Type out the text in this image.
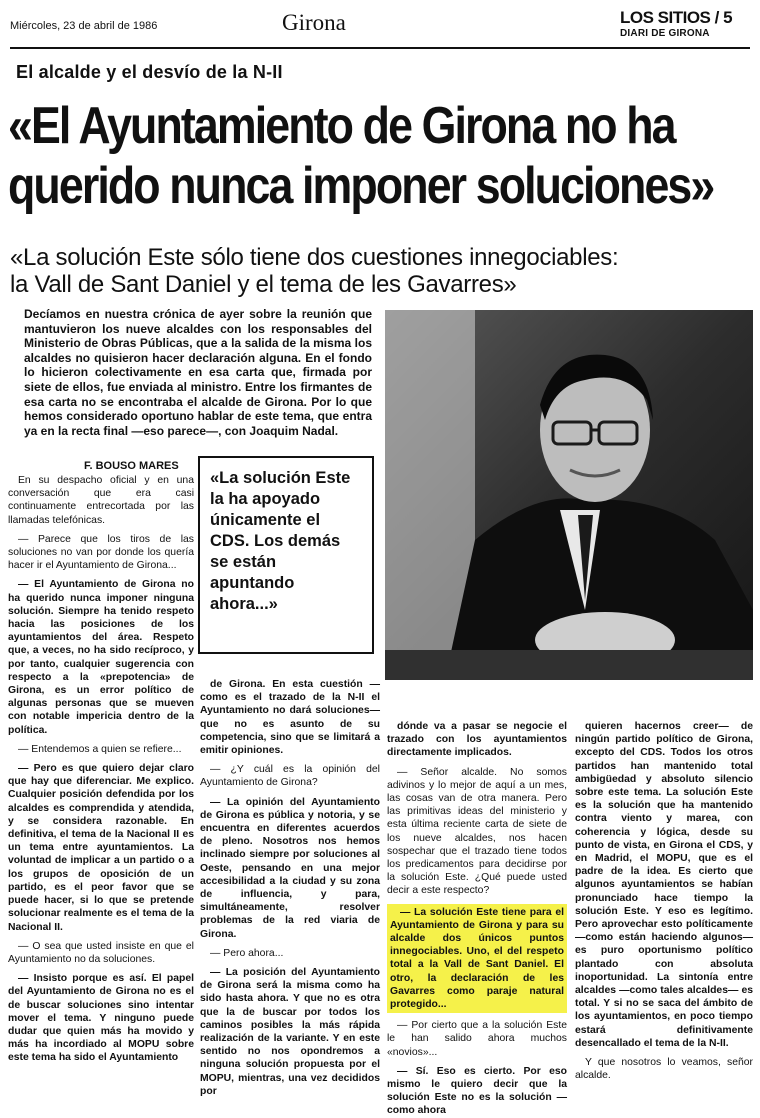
Miércoles, 23 de abril de 1986	Girona	LOS SITIOS / 5
DIARI DE GIRONA
El alcalde y el desvío de la N-II
«El Ayuntamiento de Girona no ha
querido nunca imponer soluciones»
«La solución Este sólo tiene dos cuestiones innegociables:
la Vall de Sant Daniel y el tema de les Gavarres»

Decíamos en nuestra crónica de ayer sobre la reunión que mantuvieron los nueve alcaldes con los responsables del Ministerio de Obras Públicas, que a la salida de la misma los alcaldes no quisieron hacer declaración alguna. En el fondo lo hicieron colectivamente en esa carta que, firmada por siete de ellos, fue enviada al ministro. Entre los firmantes de esa carta no se encontraba el alcalde de Girona. Por lo que hemos considerado oportuno hablar de este tema, que entra ya en la recta final —eso parece—, con Joaquim Nadal.

F. BOUSO MARES
«La solución Este la ha apoyado únicamente el CDS. Los demás se están apuntando ahora...»

En su despacho oficial y en una conversación que era casi continuamente entrecortada por las llamadas telefónicas.

— Parece que los tiros de las soluciones no van por donde los quería hacer ir el Ayuntamiento de Girona...

— El Ayuntamiento de Girona no ha querido nunca imponer ninguna solución. Siempre ha tenido respeto hacia las posiciones de los ayuntamientos del área. Respeto que, a veces, no ha sido recíproco, y por tanto, cualquier sugerencia con respecto a la «prepotencia» de Girona, es un error político de algunas personas que se mueven con notable impericia dentro de la política.

— Entendemos a quien se refiere...

— Pero es que quiero dejar claro que hay que diferenciar. Me explico. Cualquier posición defendida por los alcaldes es comprendida y atendida, y se considera razonable. En definitiva, el tema de la Nacional II es un tema entre ayuntamientos. La voluntad de implicar a un partido o a los grupos de oposición de un partido, es el peor favor que se puede hacer, si lo que se pretende solucionar realmente es el tema de la Nacional II.

— O sea que usted insiste en que el Ayuntamiento no da soluciones.

— Insisto porque es así. El papel del Ayuntamiento de Girona no es el de buscar soluciones sino intentar mover el tema. Y ninguno puede dudar que quien más ha movido y más ha incordiado al MOPU sobre este tema ha sido el Ayuntamiento

de Girona. En esta cuestión —como es el trazado de la N-II el Ayuntamiento no dará soluciones— que no es asunto de su competencia, sino que se limitará a emitir opiniones.

— ¿Y cuál es la opinión del Ayuntamiento de Girona?

— La opinión del Ayuntamiento de Girona es pública y notoria, y se encuentra en diferentes acuerdos de pleno. Nosotros nos hemos inclinado siempre por soluciones al Oeste, pensando en una mejor accesibilidad a la ciudad y su zona de influencia, y para, simultáneamente, resolver problemas de la red viaria de Girona.

— Pero ahora...

— La posición del Ayuntamiento de Girona será la misma como ha sido hasta ahora. Y que no es otra que la de buscar por todos los caminos posibles la más rápida realización de la variante. Y en este sentido no nos opondremos a ninguna solución propuesta por el MOPU, mientras, una vez decididos por

dónde va a pasar se negocie el trazado con los ayuntamientos directamente implicados.

— Señor alcalde. No somos adivinos y lo mejor de aquí a un mes, las cosas van de otra manera. Pero las primitivas ideas del ministerio y esta última reciente carta de siete de los nueve alcaldes, nos hacen sospechar que el trazado tiene todos los predicamentos para decidirse por la solución Este. ¿Qué puede usted decir a este respecto?

— La solución Este tiene para el Ayuntamiento de Girona y para su alcalde dos únicos puntos innegociables. Uno, el del respeto total a la Vall de Sant Daniel. El otro, la declaración de les Gavarres como paraje natural protegido...

— Por cierto que a la solución Este le han salido ahora muchos «novios»...

— Sí. Eso es cierto. Por eso mismo le quiero decir que la solución Este no es la solución —como ahora

quieren hacernos creer— de ningún partido político de Girona, excepto del CDS. Todos los otros partidos han mantenido total ambigüedad y absoluto silencio sobre este tema. La solución Este es la solución que ha mantenido contra viento y marea, con coherencia y lógica, desde su punto de vista, en Girona el CDS, y en Madrid, el MOPU, que es el padre de la idea. Es cierto que algunos ayuntamientos se habían pronunciado hace tiempo la solución Este. Y eso es legítimo. Pero aprovechar esto políticamente —como están haciendo algunos— es puro oportunismo político plantado con absoluta inoportunidad. La sintonía entre alcaldes —como tales alcaldes— es total. Y si no se saca del ámbito de los ayuntamientos, en poco tiempo estará definitivamente desencallado el tema de la N-II.

Y que nosotros lo veamos, señor alcalde.
